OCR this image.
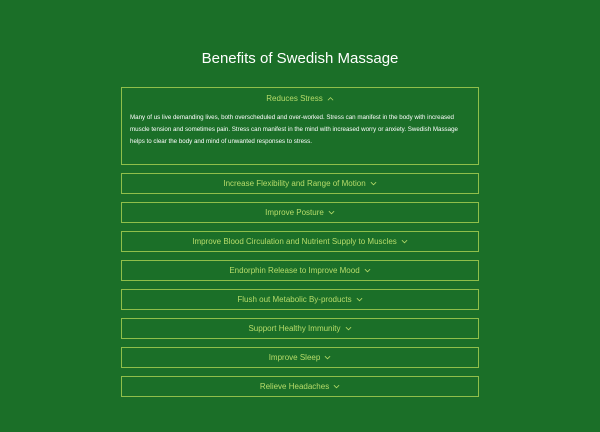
Benefits of Swedish Massage
Reduces Stress
Many of us live demanding lives, both overscheduled and over-worked. Stress can manifest in the body with increased muscle tension and sometimes pain. Stress can manifest in the mind with increased worry or anxiety. Swedish Massage helps to clear the body and mind of unwanted responses to stress.
Increase Flexibility and Range of Motion
Improve Posture
Improve Blood Circulation and Nutrient Supply to Muscles
Endorphin Release to Improve Mood
Flush out Metabolic By-products
Support Healthy Immunity
Improve Sleep
Relieve Headaches
